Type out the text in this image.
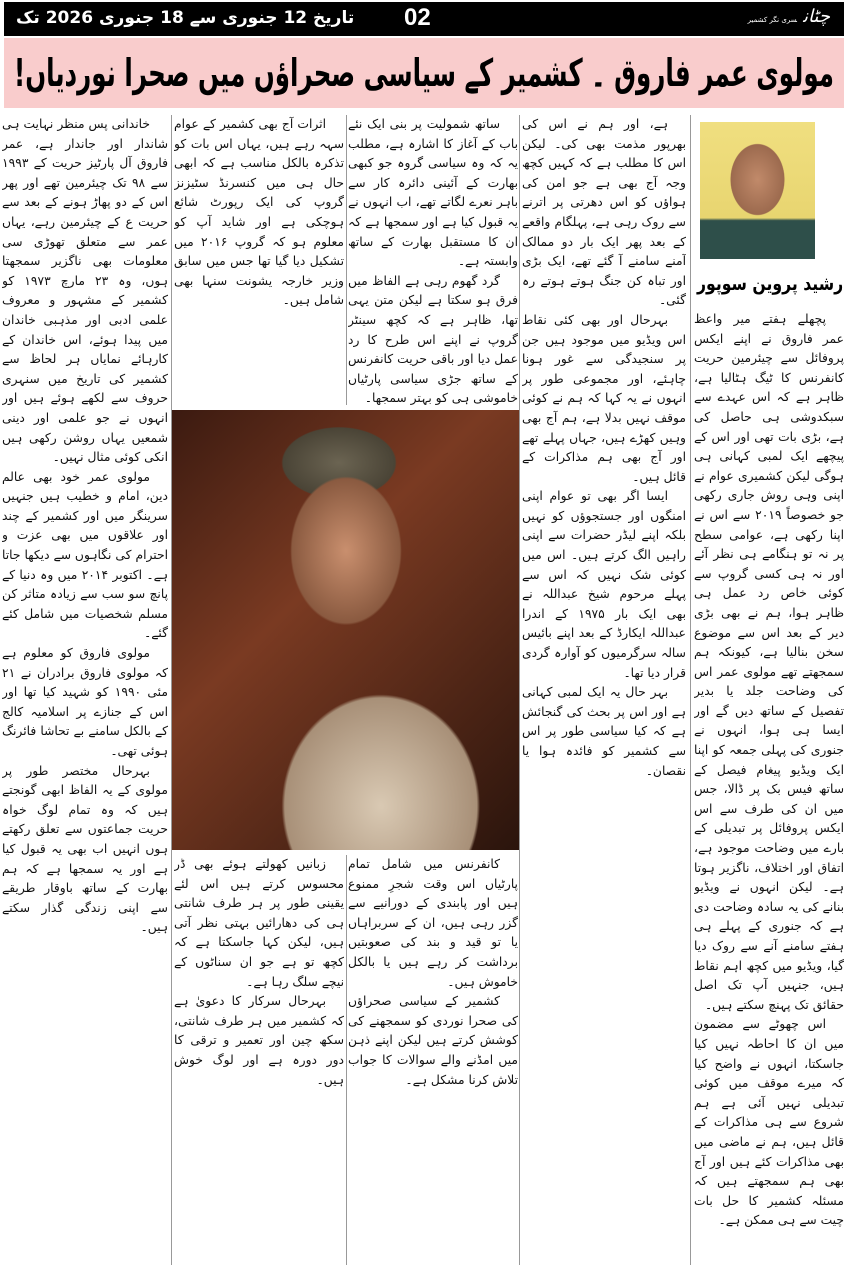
تاریخ 12 جنوری سے 18 جنوری 2026 تک 02	چٹانسری نگر کشمیر
مولوی عمر فاروق ۔ کشمیر کے سیاسی صحراؤں میں صحرا نوردیاں!
رشید پروین سوپور

پچھلے ہفتے میر واعظ عمر فاروق نے اپنے ایکس پروفائل سے چیئرمین حریت کانفرنس کا ٹیگ ہٹالیا ہے، ظاہر ہے کہ اس عہدے سے سبکدوشی ہی حاصل کی ہے، بڑی بات تھی اور اس کے پیچھے ایک لمبی کہانی ہی ہوگی لیکن کشمیری عوام نے اپنی وہی روش جاری رکھی جو خصوصاً ۲۰۱۹ سے اس نے اپنا رکھی ہے، عوامی سطح پر نہ تو ہنگامے ہی نظر آئے اور نہ ہی کسی گروپ سے کوئی خاص رد عمل ہی ظاہر ہوا، ہم نے بھی بڑی دیر کے بعد اس سے موضوع سخن بنالیا ہے، کیونکہ ہم سمجھتے تھے مولوی عمر اس کی وضاحت جلد یا بدیر تفصیل کے ساتھ دیں گے اور ایسا ہی ہوا، انہوں نے جنوری کی پہلی جمعہ کو اپنا ایک ویڈیو پیغام فیصل کے ساتھ فیس بک پر ڈالا، جس میں ان کی طرف سے اس ایکس پروفائل پر تبدیلی کے بارے میں وضاحت موجود ہے، اتفاق اور اختلاف، ناگزیر ہوتا ہے۔ لیکن انہوں نے ویڈیو بنانے کی یہ سادہ وضاحت دی ہے کہ جنوری کے پہلے ہی ہفتے سامنے آنے سے روک دیا گیا، ویڈیو میں کچھ اہم نقاط ہیں، جنہیں آپ تک اصل حقائق تک پہنچ سکتے ہیں۔

اس چھوٹے سے مضمون میں ان کا احاطہ نہیں کیا جاسکتا، انہوں نے واضح کیا کہ میرے موقف میں کوئی تبدیلی نہیں آئی ہے ہم شروع سے ہی مذاکرات کے قائل ہیں، ہم نے ماضی میں بھی مذاکرات کئے ہیں اور آج بھی ہم سمجھتے ہیں کہ مسئلہ کشمیر کا حل بات چیت سے ہی ممکن ہے۔

ہے، اور ہم نے اس کی بھرپور مذمت بھی کی۔ لیکن اس کا مطلب ہے کہ کہیں کچھ وجہ آج بھی ہے جو امن کی ہواؤں کو اس دھرتی پر اترنے سے روک رہی ہے، پہلگام واقعے کے بعد پھر ایک بار دو ممالک آمنے سامنے آ گئے تھے، ایک بڑی اور تباہ کن جنگ ہوتے ہوتے رہ گئی۔

بہرحال اور بھی کئی نقاط اس ویڈیو میں موجود ہیں جن پر سنجیدگی سے غور ہونا چاہئے، اور مجموعی طور پر انہوں نے یہ کہا کہ ہم نے کوئی موقف نہیں بدلا ہے، ہم آج بھی وہیں کھڑے ہیں، جہاں پہلے تھے اور آج بھی ہم مذاکرات کے قائل ہیں۔

ایسا اگر بھی تو عوام اپنی امنگوں اور جستجوؤں کو نہیں بلکہ اپنے لیڈر حضرات سے اپنی راہیں الگ کرتے ہیں۔ اس میں کوئی شک نہیں کہ اس سے پہلے مرحوم شیخ عبداللہ نے بھی ایک بار ۱۹۷۵ کے اندرا عبداللہ ایکارڈ کے بعد اپنے بائیس سالہ سرگرمیوں کو آوارہ گردی قرار دیا تھا۔

بہر حال یہ ایک لمبی کہانی ہے اور اس پر بحث کی گنجائش ہے کہ کیا سیاسی طور پر اس سے کشمیر کو فائدہ ہوا یا نقصان۔

ساتھ شمولیت پر بنی ایک نئے باب کے آغاز کا اشارہ ہے، مطلب یہ کہ وہ سیاسی گروہ جو کبھی بھارت کے آئینی دائرہ کار سے باہر نعرے لگاتے تھے، اب انہوں نے یہ قبول کیا ہے اور سمجھا ہے کہ ان کا مستقبل بھارت کے ساتھ وابستہ ہے۔

گرد گھوم رہی ہے الفاظ میں فرق ہو سکتا ہے لیکن متن یہی تھا، ظاہر ہے کہ کچھ سینٹر گروپ نے اپنے اس طرح کا رد عمل دیا اور باقی حریت کانفرنس کے ساتھ جڑی سیاسی پارٹیاں خاموشی ہی کو بہتر سمجھا۔

اثرات آج بھی کشمیر کے عوام سہہ رہے ہیں، یہاں اس بات کو تذکرہ بالکل مناسب ہے کہ ابھی حال ہی میں کنسرنڈ سٹیزنز گروپ کی ایک رپورٹ شائع ہوچکی ہے اور شاید آپ کو معلوم ہو کہ گروپ ۲۰۱۶ میں تشکیل دیا گیا تھا جس میں سابق وزیر خارجہ یشونت سنہا بھی شامل ہیں۔

خاندانی پس منظر نہایت ہی شاندار اور جاندار ہے، عمر فاروق آل پارٹیز حریت کے ۱۹۹۳ سے ۹۸ تک چیئرمین تھے اور پھر اس کے دو پھاڑ ہونے کے بعد سے حریت ع کے چیئرمین رہے، یہاں عمر سے متعلق تھوڑی سی معلومات بھی ناگزیر سمجھتا ہوں، وہ ۲۳ مارچ ۱۹۷۳ کو کشمیر کے مشہور و معروف علمی ادبی اور مذہبی خاندان میں پیدا ہوئے، اس خاندان کے کارہائے نمایاں ہر لحاظ سے کشمیر کی تاریخ میں سنہری حروف سے لکھے ہوئے ہیں اور انہوں نے جو علمی اور دینی شمعیں یہاں روشن رکھی ہیں انکی کوئی مثال نہیں۔

مولوی عمر خود بھی عالم دین، امام و خطیب ہیں جنہیں سرینگر میں اور کشمیر کے چند اور علاقوں میں بھی عزت و احترام کی نگاہوں سے دیکھا جاتا ہے۔ اکتوبر ۲۰۱۴ میں وہ دنیا کے پانچ سو سب سے زیادہ متاثر کن مسلم شخصیات میں شامل کئے گئے۔

مولوی فاروق کو معلوم ہے کہ مولوی فاروق برادران نے ۲۱ مئی ۱۹۹۰ کو شہید کیا تھا اور اس کے جنازے پر اسلامیہ کالج کے بالکل سامنے بے تحاشا فائرنگ ہوئی تھی۔

بہرحال مختصر طور پر مولوی کے یہ الفاظ ابھی گونجتے ہیں کہ وہ تمام لوگ خواہ حریت جماعتوں سے تعلق رکھتے ہوں انہیں اب بھی یہ قبول کیا ہے اور یہ سمجھا ہے کہ ہم بھارت کے ساتھ باوقار طریقے سے اپنی زندگی گذار سکتے ہیں۔

کانفرنس میں شامل تمام پارٹیاں اس وقت شجرِ ممنوع ہیں اور پابندی کے دورانیے سے گزر رہی ہیں، ان کے سربراہاں یا تو قید و بند کی صعوبتیں برداشت کر رہے ہیں یا بالکل خاموش ہیں۔

کشمیر کے سیاسی صحراؤں کی صحرا نوردی کو سمجھنے کی کوشش کرتے ہیں لیکن اپنے ذہن میں امڈنے والے سوالات کا جواب تلاش کرنا مشکل ہے۔

زبانیں کھولتے ہوئے بھی ڈر محسوس کرتے ہیں اس لئے یقینی طور پر ہر طرف شانتی ہی کی دھارائیں بہتی نظر آتی ہیں، لیکن کہا جاسکتا ہے کہ کچھ تو ہے جو ان سناٹوں کے نیچے سلگ رہا ہے۔

بہرحال سرکار کا دعویٰ ہے کہ کشمیر میں ہر طرف شانتی، سکھ چین اور تعمیر و ترقی کا دور دورہ ہے اور لوگ خوش ہیں۔
